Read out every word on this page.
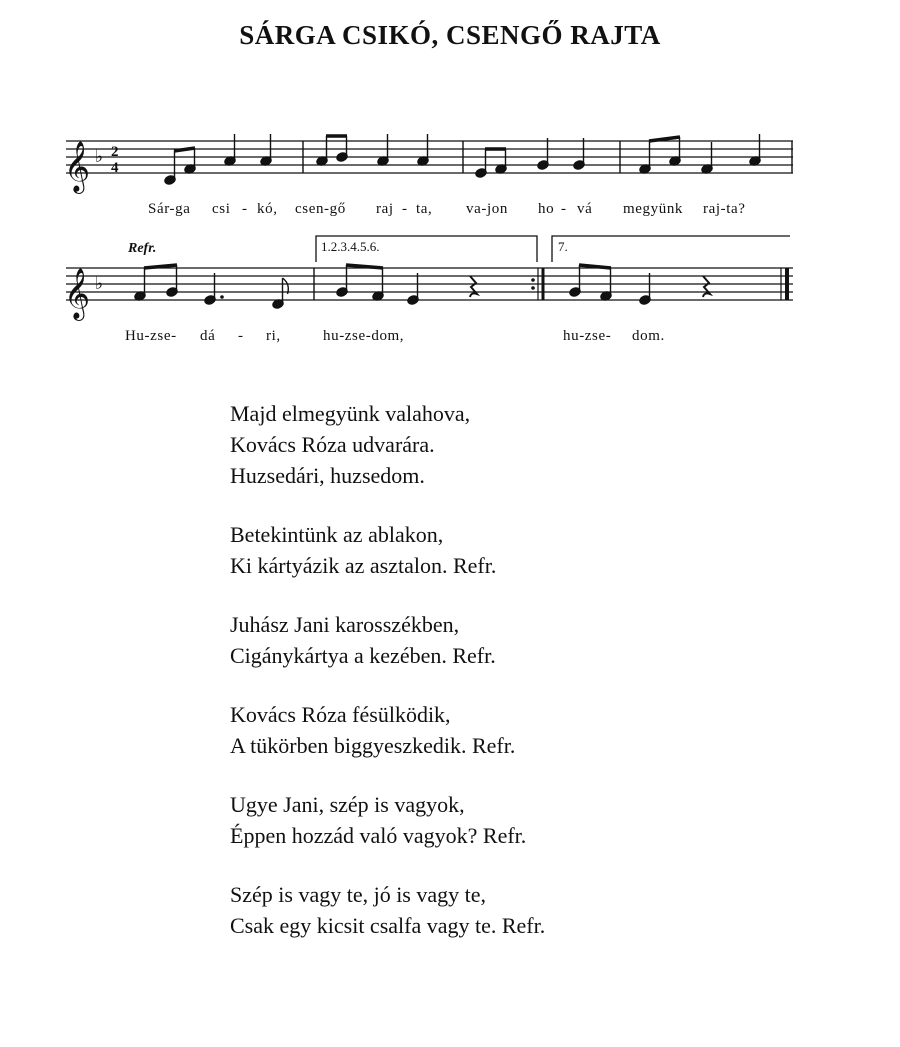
SÁRGA CSIKÓ, CSENGŐ RAJTA
𝄞 ♭ 2
4
Sár-ga csi - kó, csen-gő raj - ta, va-jon ho - vá megyünk raj-ta?
Refr.	1.2.3.4.5.6.	7.
𝄞 ♭
Hu-zse- dá - ri,	hu-zse-dom,	hu-zse- dom.
Majd elmegyünk valahova,
Kovács Róza udvarára.
Huzsedári, huzsedom.
Betekintünk az ablakon,
Ki kártyázik az asztalon. Refr.
Juhász Jani karosszékben,
Cigánykártya a kezében. Refr.
Kovács Róza fésülködik,
A tükörben biggyeszkedik. Refr.
Ugye Jani, szép is vagyok,
Éppen hozzád való vagyok? Refr.
Szép is vagy te, jó is vagy te,
Csak egy kicsit csalfa vagy te. Refr.
